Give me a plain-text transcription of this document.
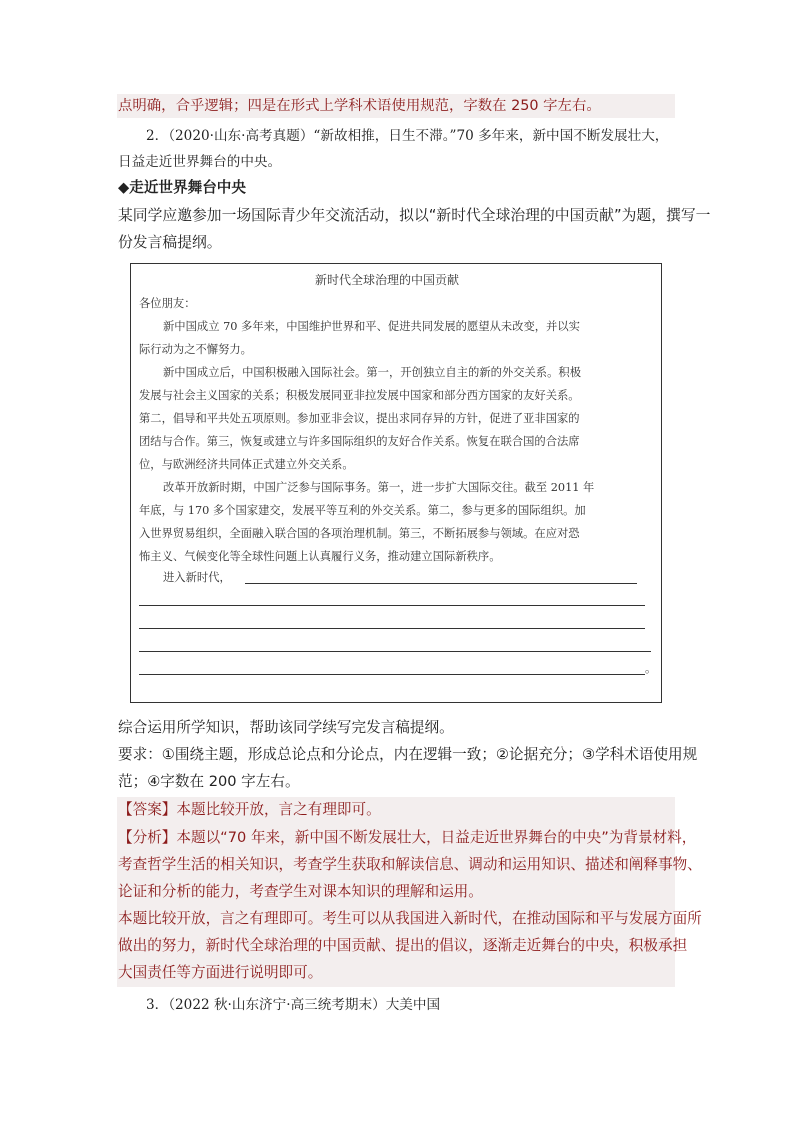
点明确，合乎逻辑；四是在形式上学科术语使用规范，字数在 250 字左右。
2．（2020·山东·高考真题）“新故相推，日生不滞。”70 多年来，新中国不断发展壮大，
日益走近世界舞台的中央。
◆走近世界舞台中央
某同学应邀参加一场国际青少年交流活动，拟以“新时代全球治理的中国贡献”为题，撰写一
份发言稿提纲。
新时代全球治理的中国贡献
各位朋友：
新中国成立 70 多年来，中国维护世界和平、促进共同发展的愿望从未改变，并以实
际行动为之不懈努力。
新中国成立后，中国积极融入国际社会。第一，开创独立自主的新的外交关系。积极
发展与社会主义国家的关系；积极发展同亚非拉发展中国家和部分西方国家的友好关系。
第二，倡导和平共处五项原则。参加亚非会议，提出求同存异的方针，促进了亚非国家的
团结与合作。第三，恢复或建立与许多国际组织的友好合作关系。恢复在联合国的合法席
位，与欧洲经济共同体正式建立外交关系。
改革开放新时期，中国广泛参与国际事务。第一，进一步扩大国际交往。截至 2011 年
年底，与 170 多个国家建交，发展平等互利的外交关系。第二，参与更多的国际组织。加
入世界贸易组织，全面融入联合国的各项治理机制。第三，不断拓展参与领域。在应对恐
怖主义、气候变化等全球性问题上认真履行义务，推动建立国际新秩序。
进入新时代，
。
综合运用所学知识，帮助该同学续写完发言稿提纲。
要求：①围绕主题，形成总论点和分论点，内在逻辑一致；②论据充分；③学科术语使用规
范；④字数在 200 字左右。
【答案】本题比较开放，言之有理即可。
【分析】本题以“70 年来，新中国不断发展壮大，日益走近世界舞台的中央”为背景材料，
考查哲学生活的相关知识，考查学生获取和解读信息、调动和运用知识、描述和阐释事物、
论证和分析的能力，考查学生对课本知识的理解和运用。
本题比较开放，言之有理即可。考生可以从我国进入新时代，在推动国际和平与发展方面所
做出的努力，新时代全球治理的中国贡献、提出的倡议，逐渐走近舞台的中央，积极承担
大国责任等方面进行说明即可。
3．（2022 秋·山东济宁·高三统考期末）大美中国
